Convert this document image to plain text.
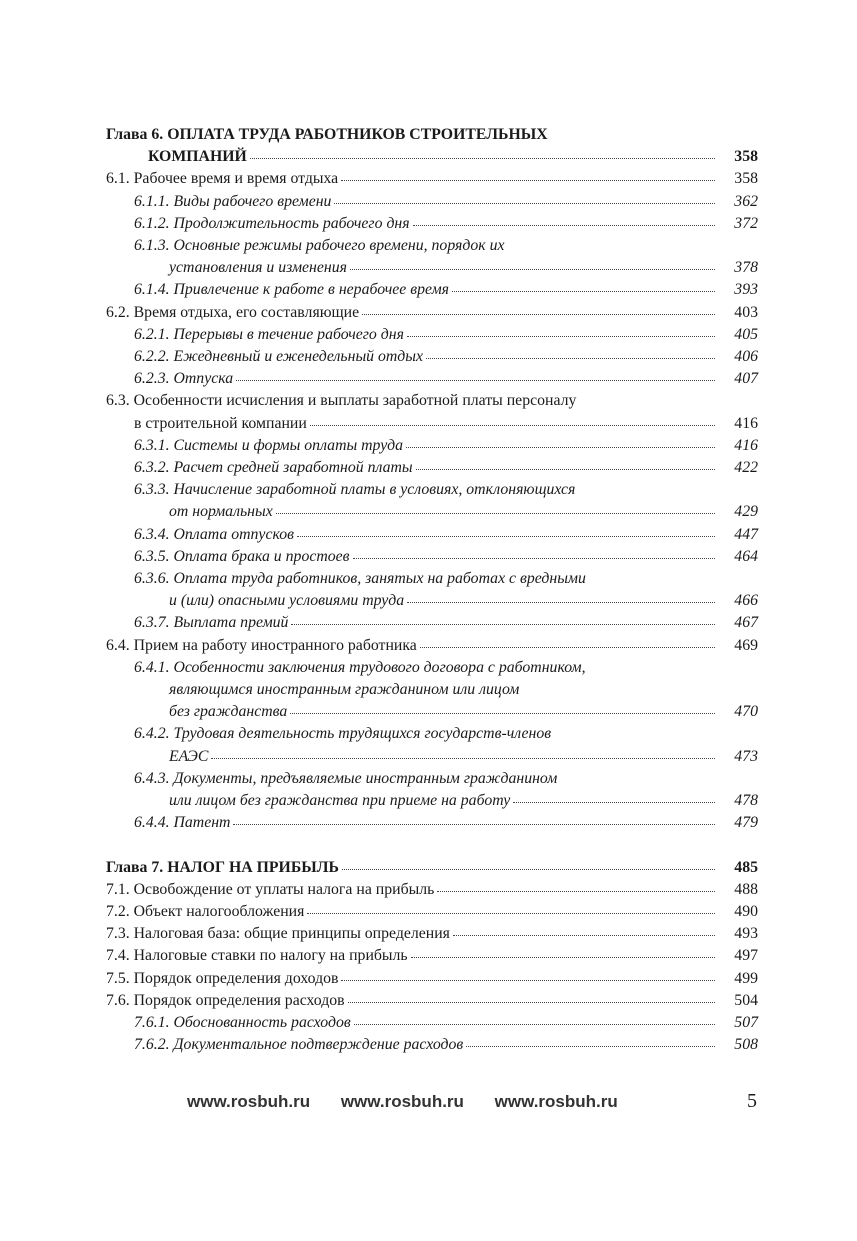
Глава 6. ОПЛАТА ТРУДА РАБОТНИКОВ СТРОИТЕЛЬНЫХ
КОМПАНИЙ	358
6.1. Рабочее время и время отдыха	358
6.1.1. Виды рабочего времени	362
6.1.2. Продолжительность рабочего дня	372
6.1.3. Основные режимы рабочего времени, порядок их
установления и изменения	378
6.1.4. Привлечение к работе в нерабочее время	393
6.2. Время отдыха, его составляющие	403
6.2.1. Перерывы в течение рабочего дня	405
6.2.2. Ежедневный и еженедельный отдых	406
6.2.3. Отпуска	407
6.3. Особенности исчисления и выплаты заработной платы персоналу
в строительной компании	416
6.3.1. Системы и формы оплаты труда	416
6.3.2. Расчет средней заработной платы	422
6.3.3. Начисление заработной платы в условиях, отклоняющихся
от нормальных	429
6.3.4. Оплата отпусков	447
6.3.5. Оплата брака и простоев	464
6.3.6. Оплата труда работников, занятых на работах с вредными
и (или) опасными условиями труда	466
6.3.7. Выплата премий	467
6.4. Прием на работу иностранного работника	469
6.4.1. Особенности заключения трудового договора с работником,
являющимся иностранным гражданином или лицом
без гражданства	470
6.4.2. Трудовая деятельность трудящихся государств-членов
ЕАЭС	473
6.4.3. Документы, предъявляемые иностранным гражданином
или лицом без гражданства при приеме на работу	478
6.4.4. Патент	479
Глава 7. НАЛОГ НА ПРИБЫЛЬ	485
7.1. Освобождение от уплаты налога на прибыль	488
7.2. Объект налогообложения	490
7.3. Налоговая база: общие принципы определения	493
7.4. Налоговые ставки по налогу на прибыль	497
7.5. Порядок определения доходов	499
7.6. Порядок определения расходов	504
7.6.1. Обоснованность расходов	507
7.6.2. Документальное подтверждение расходов	508
www.rosbuh.ru www.rosbuh.ru www.rosbuh.ru	5
